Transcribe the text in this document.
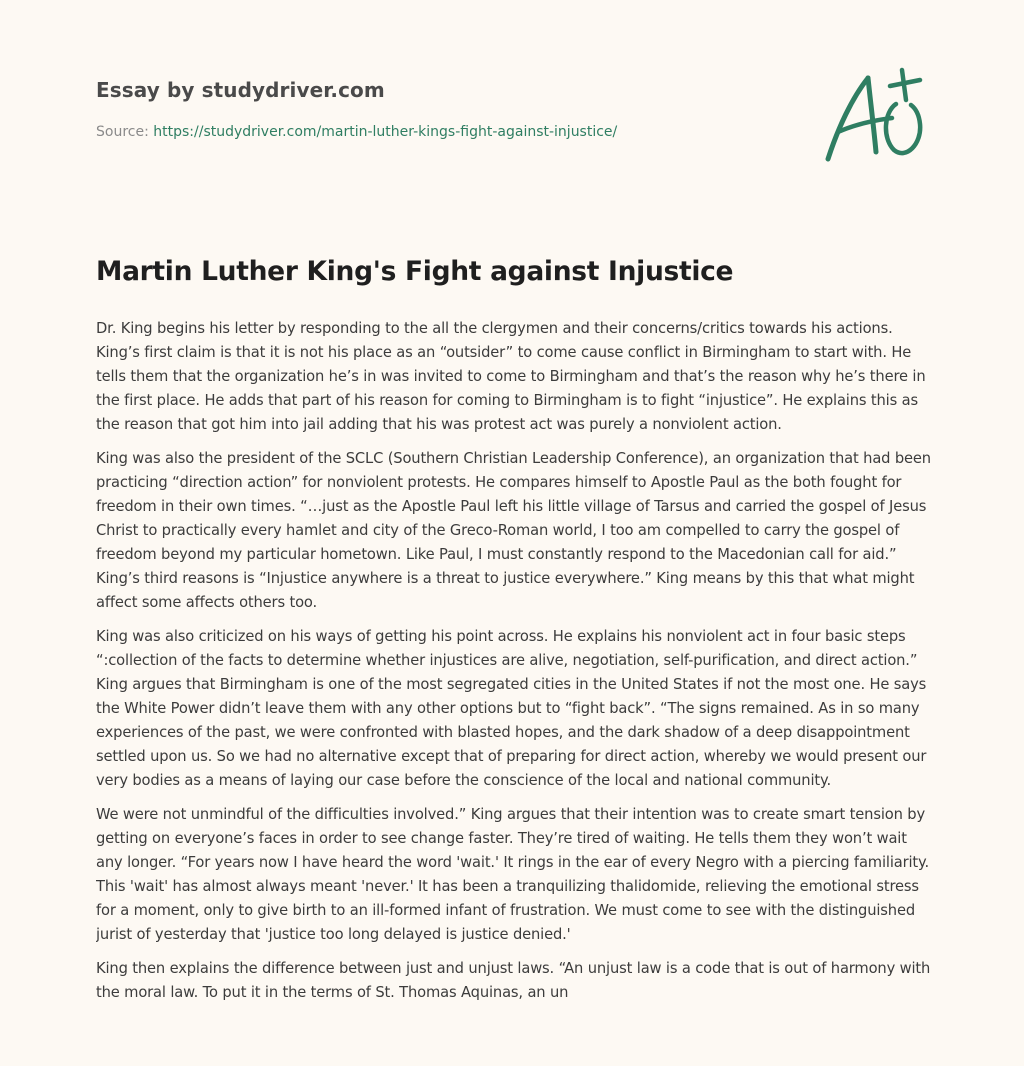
Essay by studydriver.com
Source: https://studydriver.com/martin-luther-kings-fight-against-injustice/
Martin Luther King's Fight against Injustice

Dr. King begins his letter by responding to the all the clergymen and their concerns/critics towards his actions. King’s first claim is that it is not his place as an “outsider” to come cause conflict in Birmingham to start with. He tells them that the organization he’s in was invited to come to Birmingham and that’s the reason why he’s there in the first place. He adds that part of his reason for coming to Birmingham is to fight “injustice”. He explains this as the reason that got him into jail adding that his was protest act was purely a nonviolent action.

King was also the president of the SCLC (Southern Christian Leadership Conference), an organization that had been practicing “direction action” for nonviolent protests. He compares himself to Apostle Paul as the both fought for freedom in their own times. “…just as the Apostle Paul left his little village of Tarsus and carried the gospel of Jesus Christ to practically every hamlet and city of the Greco-Roman world, I too am compelled to carry the gospel of freedom beyond my particular hometown. Like Paul, I must constantly respond to the Macedonian call for aid.” King’s third reasons is “Injustice anywhere is a threat to justice everywhere.” King means by this that what might affect some affects others too.

King was also criticized on his ways of getting his point across. He explains his nonviolent act in four basic steps “:collection of the facts to determine whether injustices are alive, negotiation, self-purification, and direct action.” King argues that Birmingham is one of the most segregated cities in the United States if not the most one. He says the White Power didn’t leave them with any other options but to “fight back”. “The signs remained. As in so many experiences of the past, we were confronted with blasted hopes, and the dark shadow of a deep disappointment settled upon us. So we had no alternative except that of preparing for direct action, whereby we would present our very bodies as a means of laying our case before the conscience of the local and national community.

We were not unmindful of the difficulties involved.” King argues that their intention was to create smart tension by getting on everyone’s faces in order to see change faster. They’re tired of waiting. He tells them they won’t wait any longer. “For years now I have heard the word 'wait.' It rings in the ear of every Negro with a piercing familiarity. This 'wait' has almost always meant 'never.' It has been a tranquilizing thalidomide, relieving the emotional stress for a moment, only to give birth to an ill-formed infant of frustration. We must come to see with the distinguished jurist of yesterday that 'justice too long delayed is justice denied.'

King then explains the difference between just and unjust laws. “An unjust law is a code that is out of harmony with the moral law. To put it in the terms of St. Thomas Aquinas, an un
